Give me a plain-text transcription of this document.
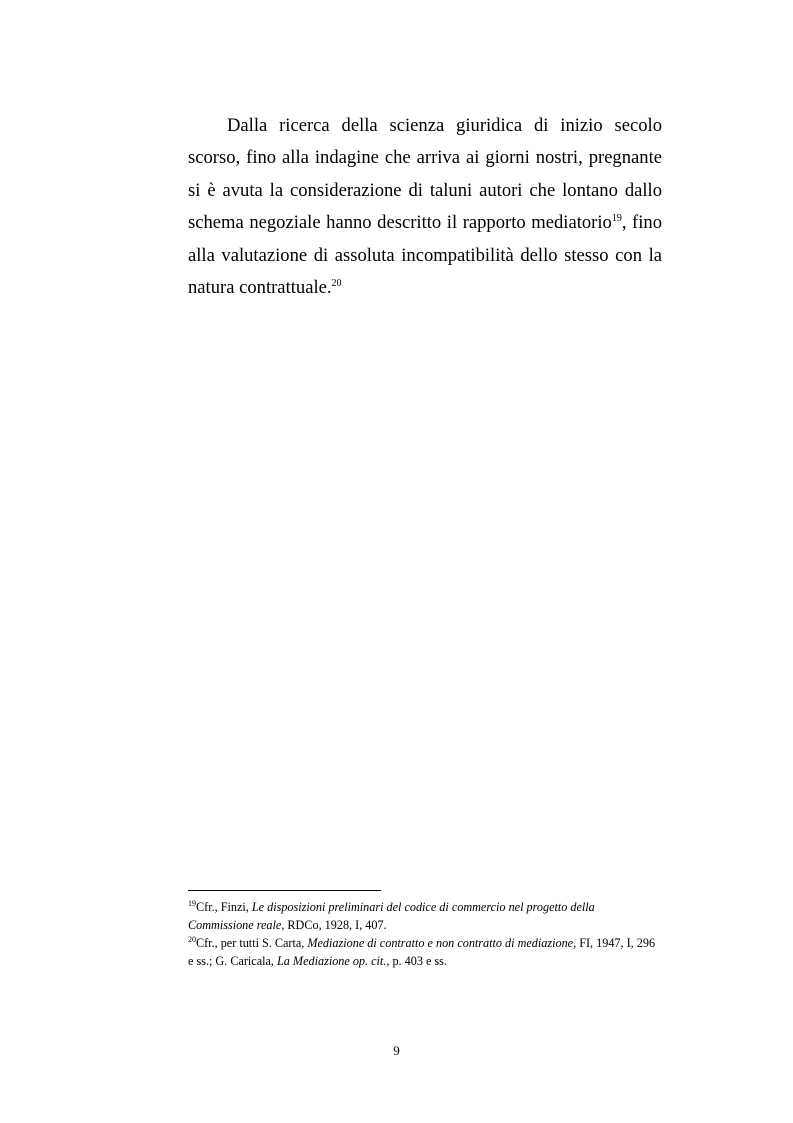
Dalla ricerca della scienza giuridica di inizio secolo scorso, fino alla indagine che arriva ai giorni nostri, pregnante si è avuta la considerazione di taluni autori che lontano dallo schema negoziale hanno descritto il rapporto mediatorio$^{19}$, fino alla valutazione di assoluta incompatibilità dello stesso con la natura contrattuale.$^{20}$

$^{19}$Cfr., Finzi, Le disposizioni preliminari del codice di commercio nel progetto della Commissione reale, RDCo, 1928, I, 407.

$^{20}$Cfr., per tutti S. Carta, Mediazione di contratto e non contratto di mediazione, FI, 1947, I, 296 e ss.; G. Caricala, La Mediazione op. cit., p. 403 e ss.

9
